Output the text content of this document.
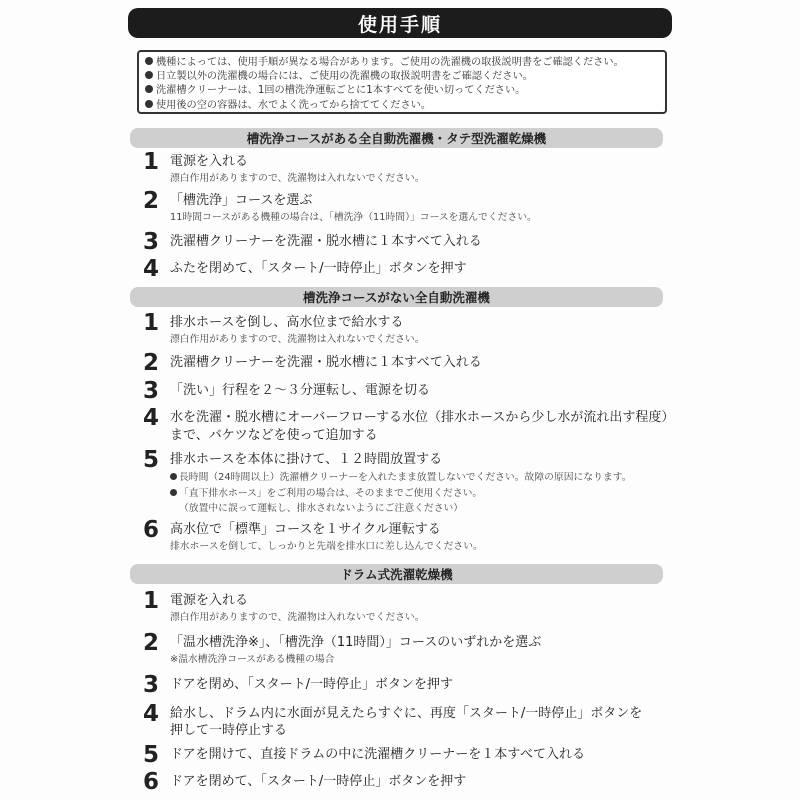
使用手順
機種によっては、使用手順が異なる場合があります。ご使用の洗濯機の取扱説明書をご確認ください。
日立製以外の洗濯機の場合には、ご使用の洗濯機の取扱説明書をご確認ください。
洗濯槽クリーナーは、1回の槽洗浄運転ごとに1本すべてを使い切ってください。
使用後の空の容器は、水でよく洗ってから捨ててください。
槽洗浄コースがある全自動洗濯機・タテ型洗濯乾燥機
1 電源を入れる
漂白作用がありますので、洗濯物は入れないでください。
2 「槽洗浄」コースを選ぶ
11時間コースがある機種の場合は、「槽洗浄（11時間）」コースを選んでください。
3 洗濯槽クリーナーを洗濯・脱水槽に１本すべて入れる
4 ふたを閉めて、「スタート/一時停止」ボタンを押す
槽洗浄コースがない全自動洗濯機
1 排水ホースを倒し、高水位まで給水する
漂白作用がありますので、洗濯物は入れないでください。
2 洗濯槽クリーナーを洗濯・脱水槽に１本すべて入れる
3 「洗い」行程を２～３分運転し、電源を切る
4 水を洗濯・脱水槽にオーバーフローする水位（排水ホースから少し水が流れ出す程度）
まで、バケツなどを使って追加する
5 排水ホースを本体に掛けて、１２時間放置する
長時間（24時間以上）洗濯槽クリーナーを入れたまま放置しないでください。故障の原因になります。
「直下排水ホース」をご利用の場合は、そのままでご使用ください。
（放置中に誤って運転し、排水されないようにご注意ください）
6 高水位で「標準」コースを１サイクル運転する
排水ホースを倒して、しっかりと先端を排水口に差し込んでください。
ドラム式洗濯乾燥機
1 電源を入れる
漂白作用がありますので、洗濯物は入れないでください。
2 「温水槽洗浄※」、「槽洗浄（11時間）」コースのいずれかを選ぶ
※温水槽洗浄コースがある機種の場合
3 ドアを閉め、「スタート/一時停止」ボタンを押す
4 給水し、ドラム内に水面が見えたらすぐに、再度「スタート/一時停止」ボタンを
押して一時停止する
5 ドアを開けて、直接ドラムの中に洗濯槽クリーナーを１本すべて入れる
6 ドアを閉めて、「スタート/一時停止」ボタンを押す
